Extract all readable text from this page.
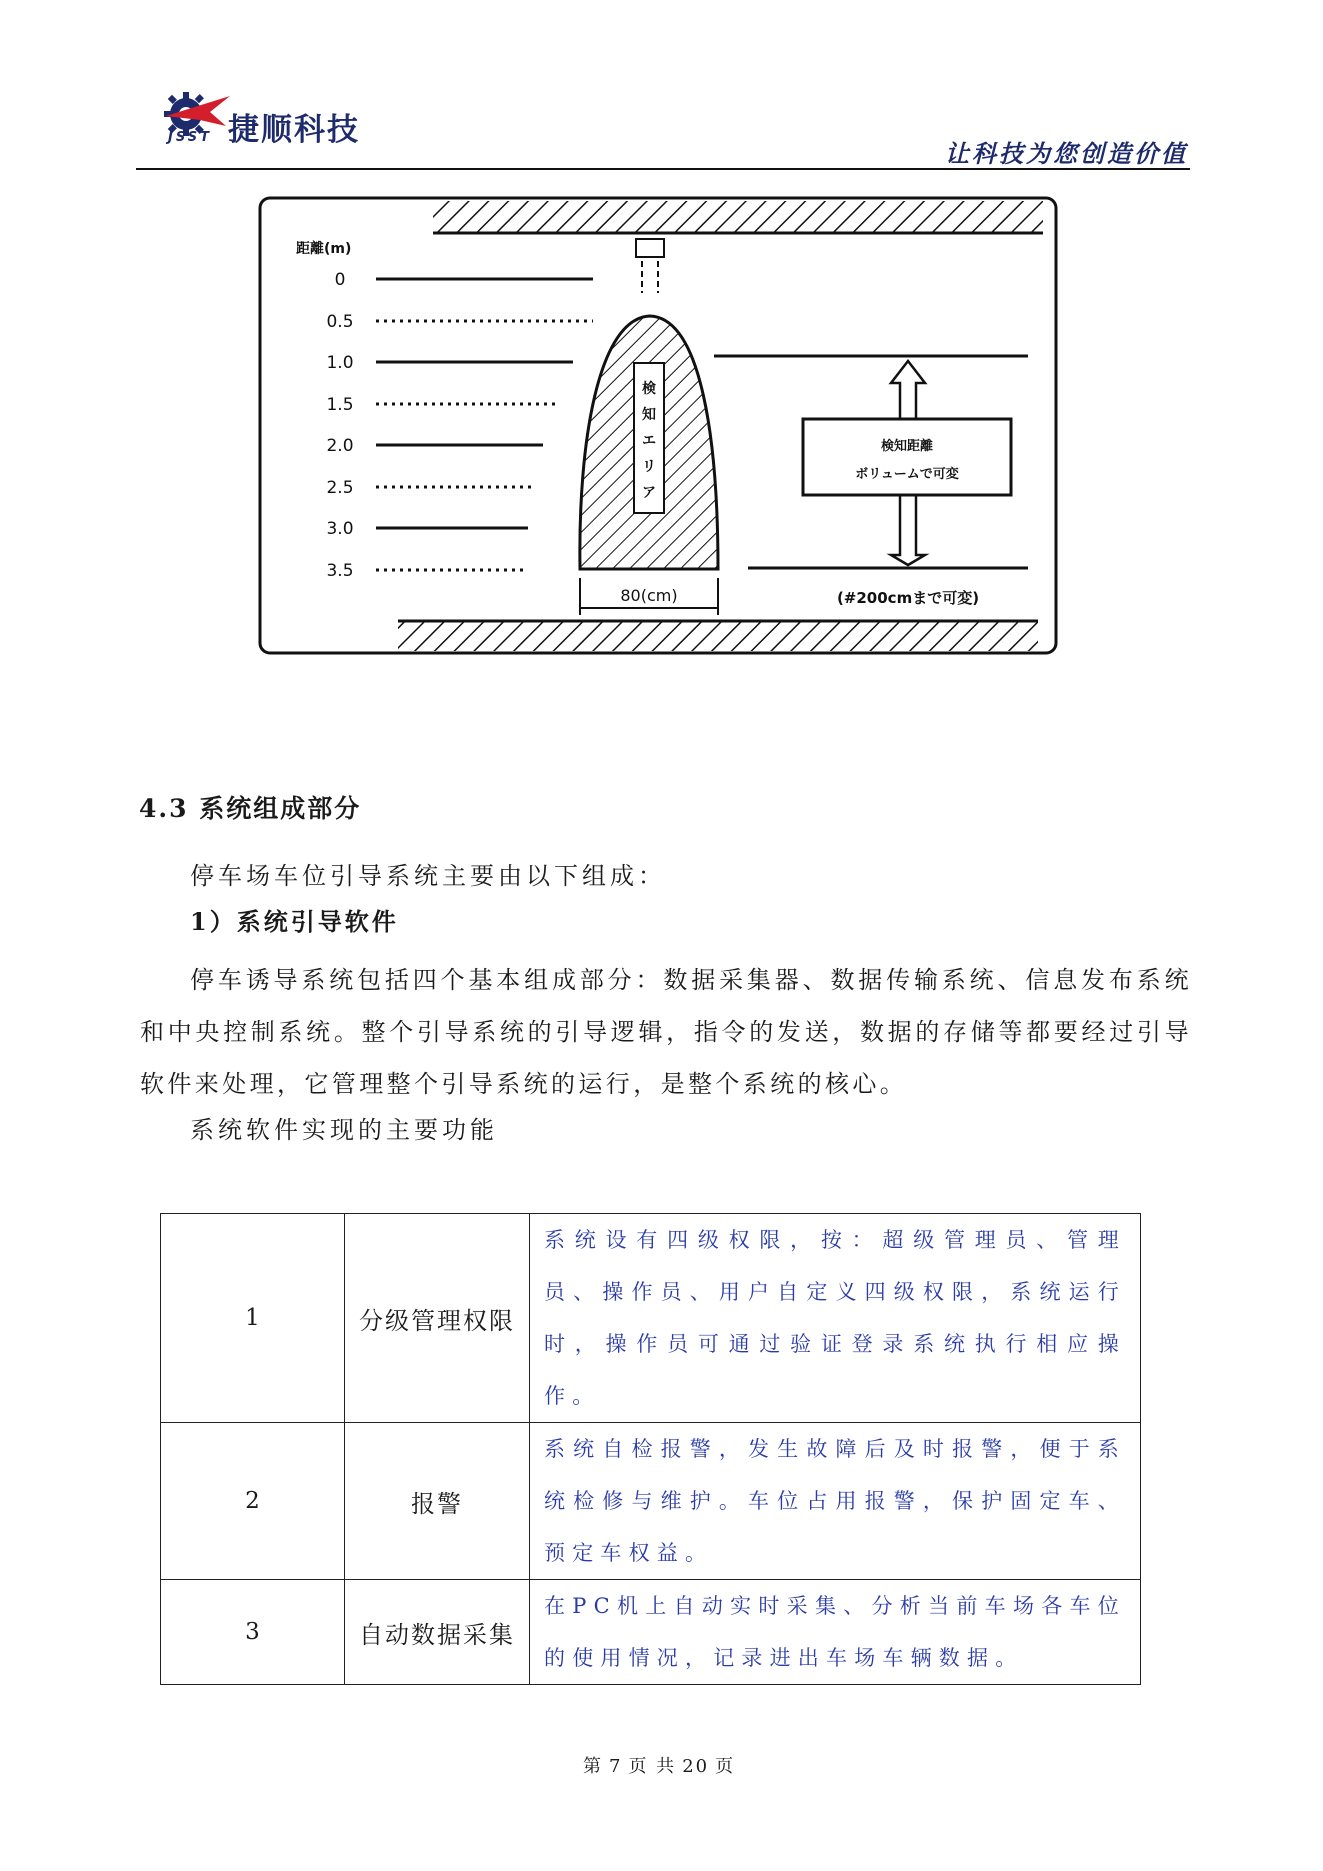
捷顺科技
JSST
让科技为您创造价值
距離(m)
0
0.5
1.0
1.5
2.0
2.5
3.0
3.5
検
知
エ
リ
ア
80(cm)
検知距離
ボリュームで可変
(#200cmまで可変)
4.3 系统组成部分
停车场车位引导系统主要由以下组成：
1）系统引导软件
停车诱导系统包括四个基本组成部分：数据采集器、数据传输系统、信息发布系统和中央控制系统。整个引导系统的引导逻辑，指令的发送，数据的存储等都要经过引导软件来处理，它管理整个引导系统的运行，是整个系统的核心。
系统软件实现的主要功能
1	分级管理权限	系统设有四级权限，按：超级管理员、管理员、操作员、用户自定义四级权限，系统运行时，操作员可通过验证登录系统执行相应操作。
2	报警	系统自检报警，发生故障后及时报警，便于系统检修与维护。车位占用报警，保护固定车、预定车权益。
3	自动数据采集	在PC机上自动实时采集、分析当前车场各车位的使用情况，记录进出车场车辆数据。
第 7 页 共 20 页
